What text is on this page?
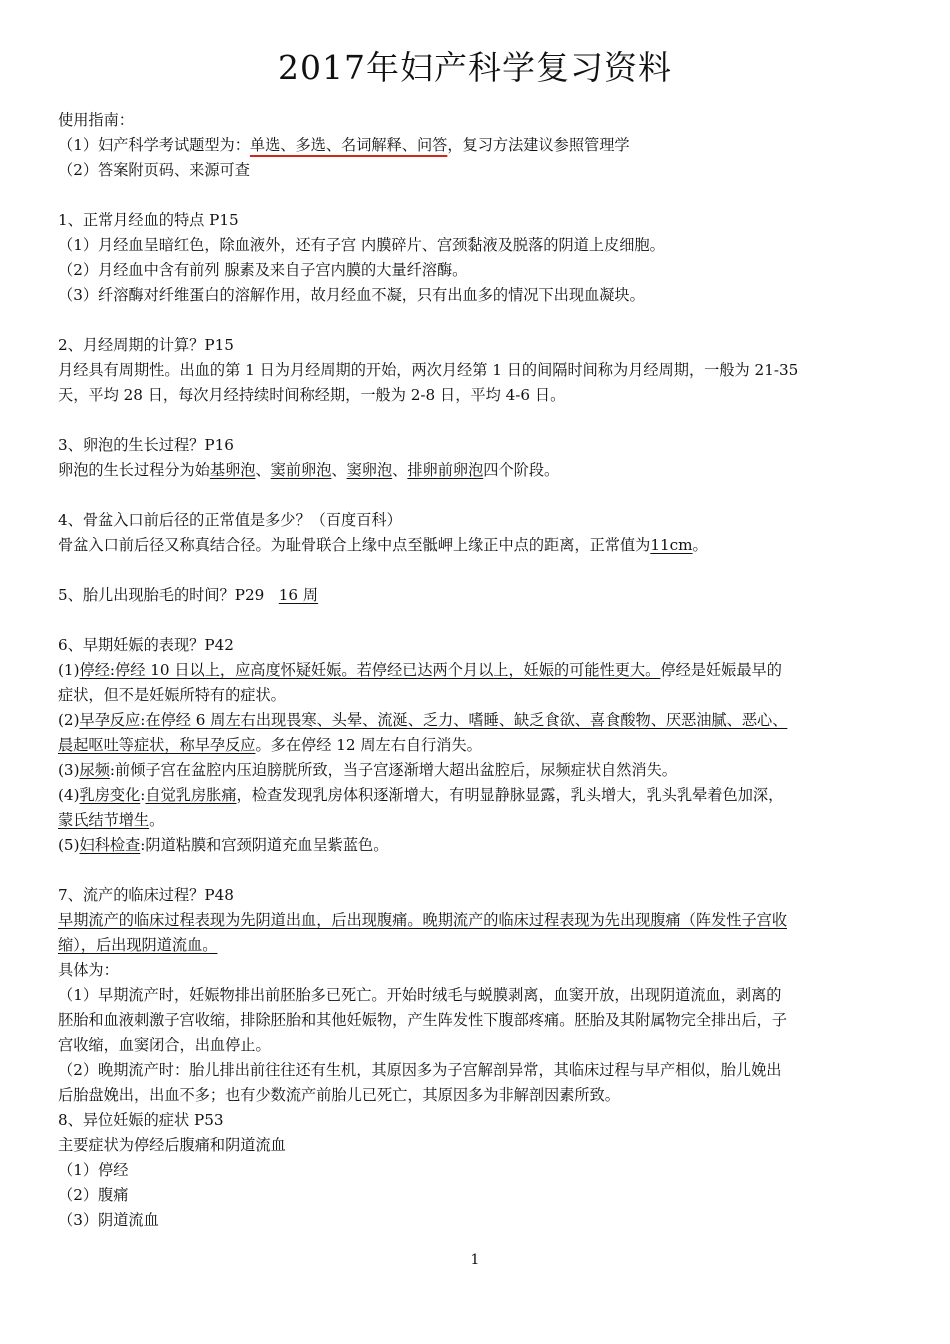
2017年妇产科学复习资料
使用指南：
（1）妇产科学考试题型为：单选、多选、名词解释、问答，复习方法建议参照管理学
（2）答案附页码、来源可查
1、正常月经血的特点 P15
（1）月经血呈暗红色，除血液外，还有子宫 内膜碎片、宫颈黏液及脱落的阴道上皮细胞。
（2）月经血中含有前列 腺素及来自子宫内膜的大量纤溶酶。
（3）纤溶酶对纤维蛋白的溶解作用，故月经血不凝，只有出血多的情况下出现血凝块。
2、月经周期的计算？P15
月经具有周期性。出血的第 1 日为月经周期的开始，两次月经第 1 日的间隔时间称为月经周期，一般为 21-35
天，平均 28 日，每次月经持续时间称经期，一般为 2-8 日，平均 4-6 日。
3、卵泡的生长过程？P16
卵泡的生长过程分为始基卵泡、窦前卵泡、窦卵泡、排卵前卵泡四个阶段。
4、骨盆入口前后径的正常值是多少？（百度百科）
骨盆入口前后径又称真结合径。为耻骨联合上缘中点至骶岬上缘正中点的距离，正常值为11cm。
5、胎儿出现胎毛的时间？P29 16 周
6、早期妊娠的表现？P42
(1)停经:停经 10 日以上，应高度怀疑妊娠。若停经已达两个月以上，妊娠的可能性更大。停经是妊娠最早的
症状，但不是妊娠所特有的症状。
(2)早孕反应:在停经 6 周左右出现畏寒、头晕、流涎、乏力、嗜睡、缺乏食欲、喜食酸物、厌恶油腻、恶心、
晨起呕吐等症状，称早孕反应。多在停经 12 周左右自行消失。
(3)尿频:前倾子宫在盆腔内压迫膀胱所致，当子宫逐渐增大超出盆腔后，尿频症状自然消失。
(4)乳房变化:自觉乳房胀痛，检查发现乳房体积逐渐增大，有明显静脉显露，乳头增大，乳头乳晕着色加深，
蒙氏结节增生。
(5)妇科检查:阴道粘膜和宫颈阴道充血呈紫蓝色。
7、流产的临床过程？P48
早期流产的临床过程表现为先阴道出血，后出现腹痛。晚期流产的临床过程表现为先出现腹痛（阵发性子宫收
缩），后出现阴道流血。
具体为：
（1）早期流产时，妊娠物排出前胚胎多已死亡。开始时绒毛与蜕膜剥离，血窦开放，出现阴道流血，剥离的
胚胎和血液刺激子宫收缩，排除胚胎和其他妊娠物，产生阵发性下腹部疼痛。胚胎及其附属物完全排出后，子
宫收缩，血窦闭合，出血停止。
（2）晚期流产时：胎儿排出前往往还有生机，其原因多为子宫解剖异常，其临床过程与早产相似，胎儿娩出
后胎盘娩出，出血不多；也有少数流产前胎儿已死亡，其原因多为非解剖因素所致。
8、异位妊娠的症状 P53
主要症状为停经后腹痛和阴道流血
（1）停经
（2）腹痛
（3）阴道流血
1
